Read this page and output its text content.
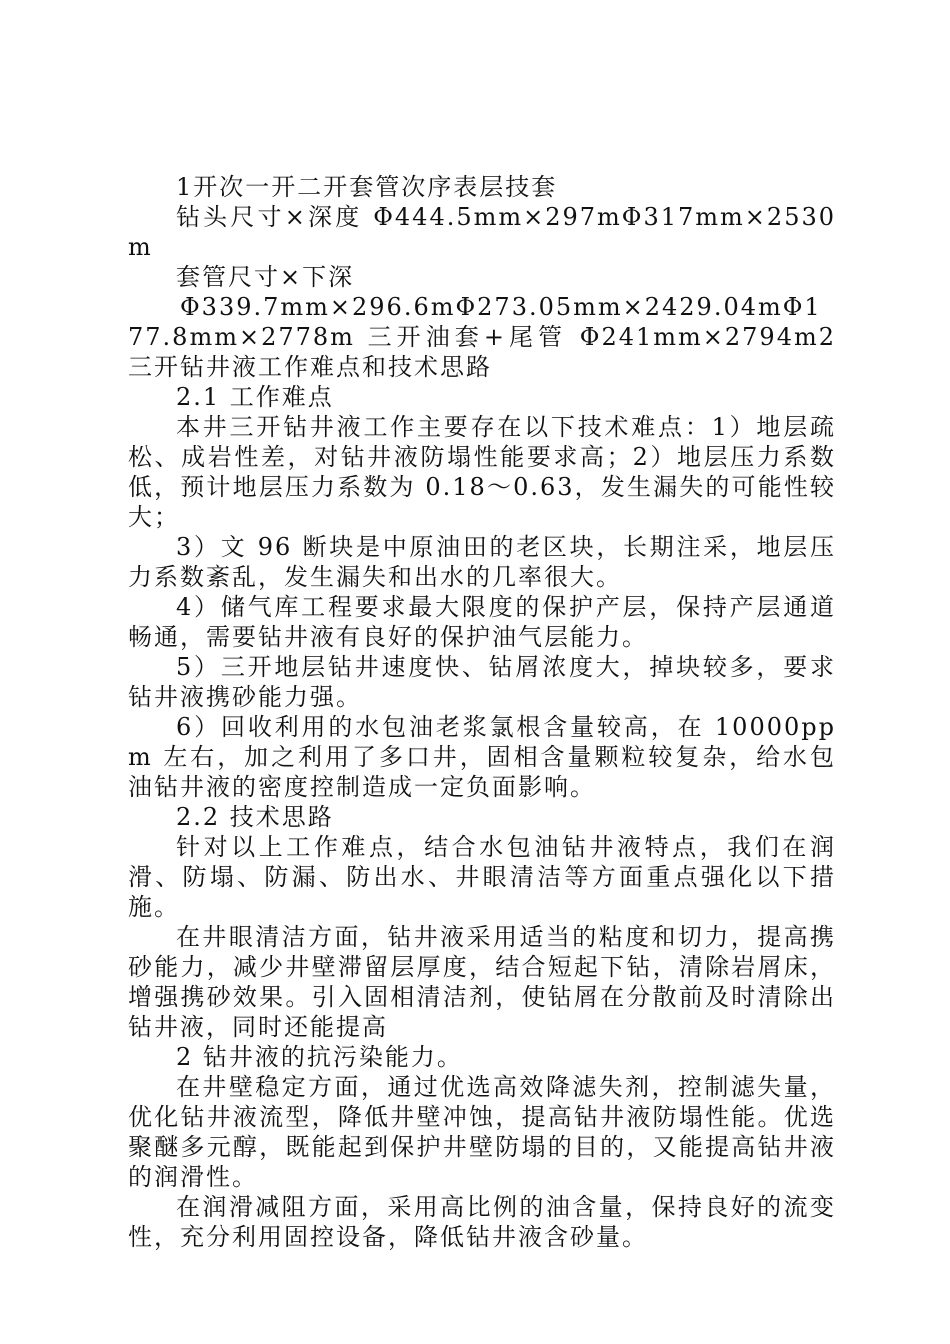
1开次一开二开套管次序表层技套

钻头尺寸×深度 Φ444.5mm×297mΦ317mm×2530m

套管尺寸×下深

Φ339.7mm×296.6mΦ273.05mm×2429.04mΦ177.8mm×2778m 三开油套+尾管 Φ241mm×2794m2 三开钻井液工作难点和技术思路

2.1 工作难点

本井三开钻井液工作主要存在以下技术难点：1）地层疏松、成岩性差，对钻井液防塌性能要求高；2）地层压力系数低，预计地层压力系数为 0.18～0.63，发生漏失的可能性较大；

3）文 96 断块是中原油田的老区块，长期注采，地层压力系数紊乱，发生漏失和出水的几率很大。

4）储气库工程要求最大限度的保护产层，保持产层通道畅通，需要钻井液有良好的保护油气层能力。

5）三开地层钻井速度快、钻屑浓度大，掉块较多，要求钻井液携砂能力强。

6）回收利用的水包油老浆氯根含量较高，在 10000ppm 左右，加之利用了多口井，固相含量颗粒较复杂，给水包油钻井液的密度控制造成一定负面影响。

2.2 技术思路

针对以上工作难点，结合水包油钻井液特点，我们在润滑、防塌、防漏、防出水、井眼清洁等方面重点强化以下措施。

在井眼清洁方面，钻井液采用适当的粘度和切力，提高携砂能力，减少井壁滞留层厚度，结合短起下钻，清除岩屑床，增强携砂效果。引入固相清洁剂，使钻屑在分散前及时清除出钻井液，同时还能提高

2 钻井液的抗污染能力。

在井壁稳定方面，通过优选高效降滤失剂，控制滤失量，优化钻井液流型，降低井壁冲蚀，提高钻井液防塌性能。优选聚醚多元醇，既能起到保护井壁防塌的目的，又能提高钻井液的润滑性。

在润滑减阻方面，采用高比例的油含量，保持良好的流变性，充分利用固控设备，降低钻井液含砂量。
